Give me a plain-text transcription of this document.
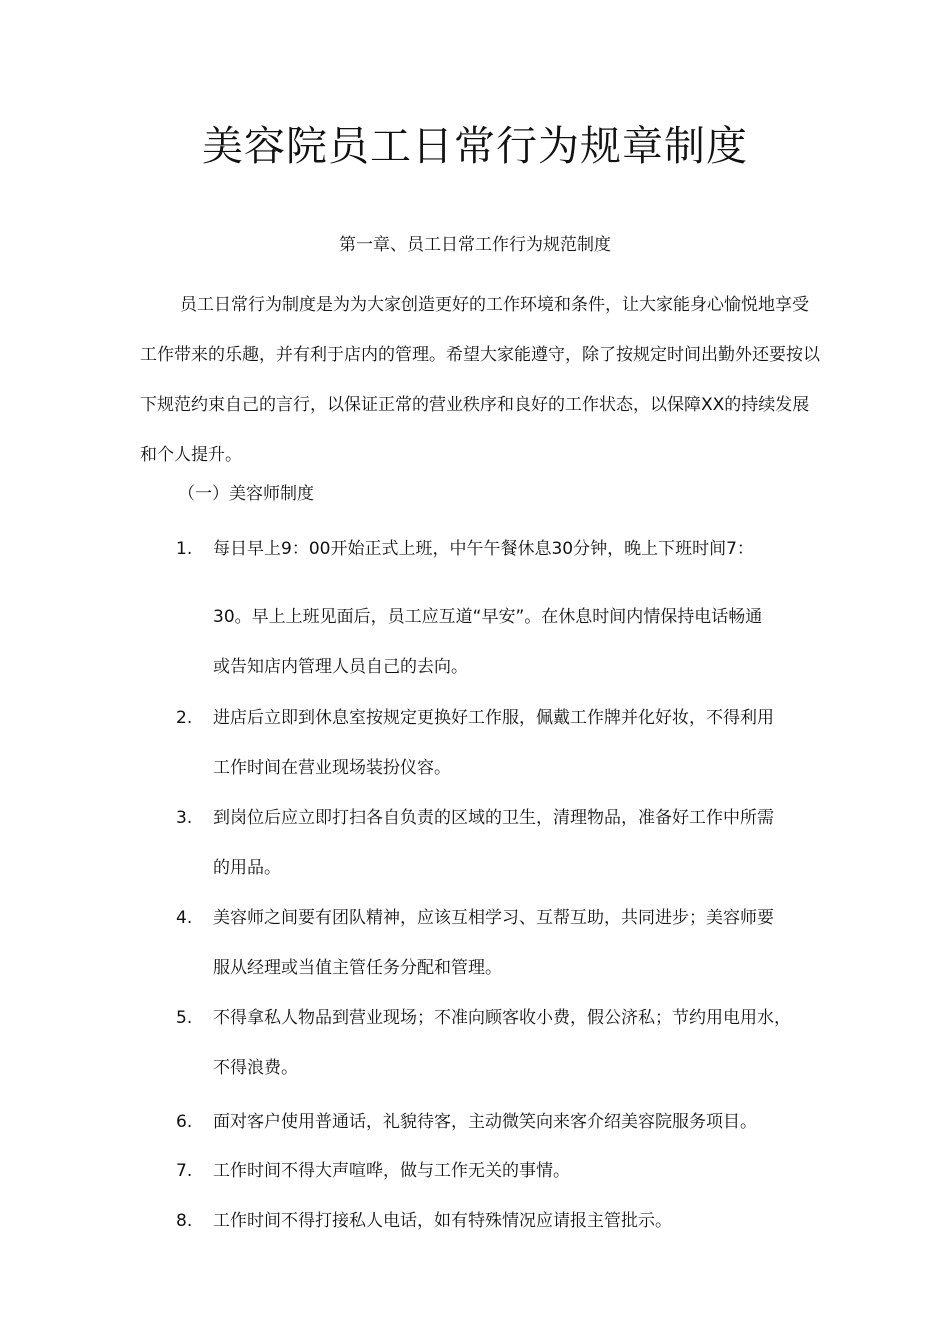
美容院员工日常行为规章制度
第一章、员工日常工作行为规范制度

员工日常行为制度是为为大家创造更好的工作环境和条件，让大家能身心愉悦地享受工作带来的乐趣，并有利于店内的管理。希望大家能遵守，除了按规定时间出勤外还要按以下规范约束自己的言行，以保证正常的营业秩序和良好的工作状态，以保障XX的持续发展和个人提升。

（一）美容师制度
1.	每日早上9：00开始正式上班，中午午餐休息30分钟，晚上下班时间7：
30。早上上班见面后，员工应互道“早安”。在休息时间内情保持电话畅通
或告知店内管理人员自己的去向。
2.	进店后立即到休息室按规定更换好工作服，佩戴工作牌并化好妆，不得利用
工作时间在营业现场装扮仪容。
3.	到岗位后应立即打扫各自负责的区域的卫生，清理物品，准备好工作中所需
的用品。
4.	美容师之间要有团队精神，应该互相学习、互帮互助，共同进步；美容师要
服从经理或当值主管任务分配和管理。
5.	不得拿私人物品到营业现场；不准向顾客收小费，假公济私；节约用电用水，
不得浪费。
6.	面对客户使用普通话，礼貌待客，主动微笑向来客介绍美容院服务项目。
7.	工作时间不得大声喧哗，做与工作无关的事情。
8.	工作时间不得打接私人电话，如有特殊情况应请报主管批示。
